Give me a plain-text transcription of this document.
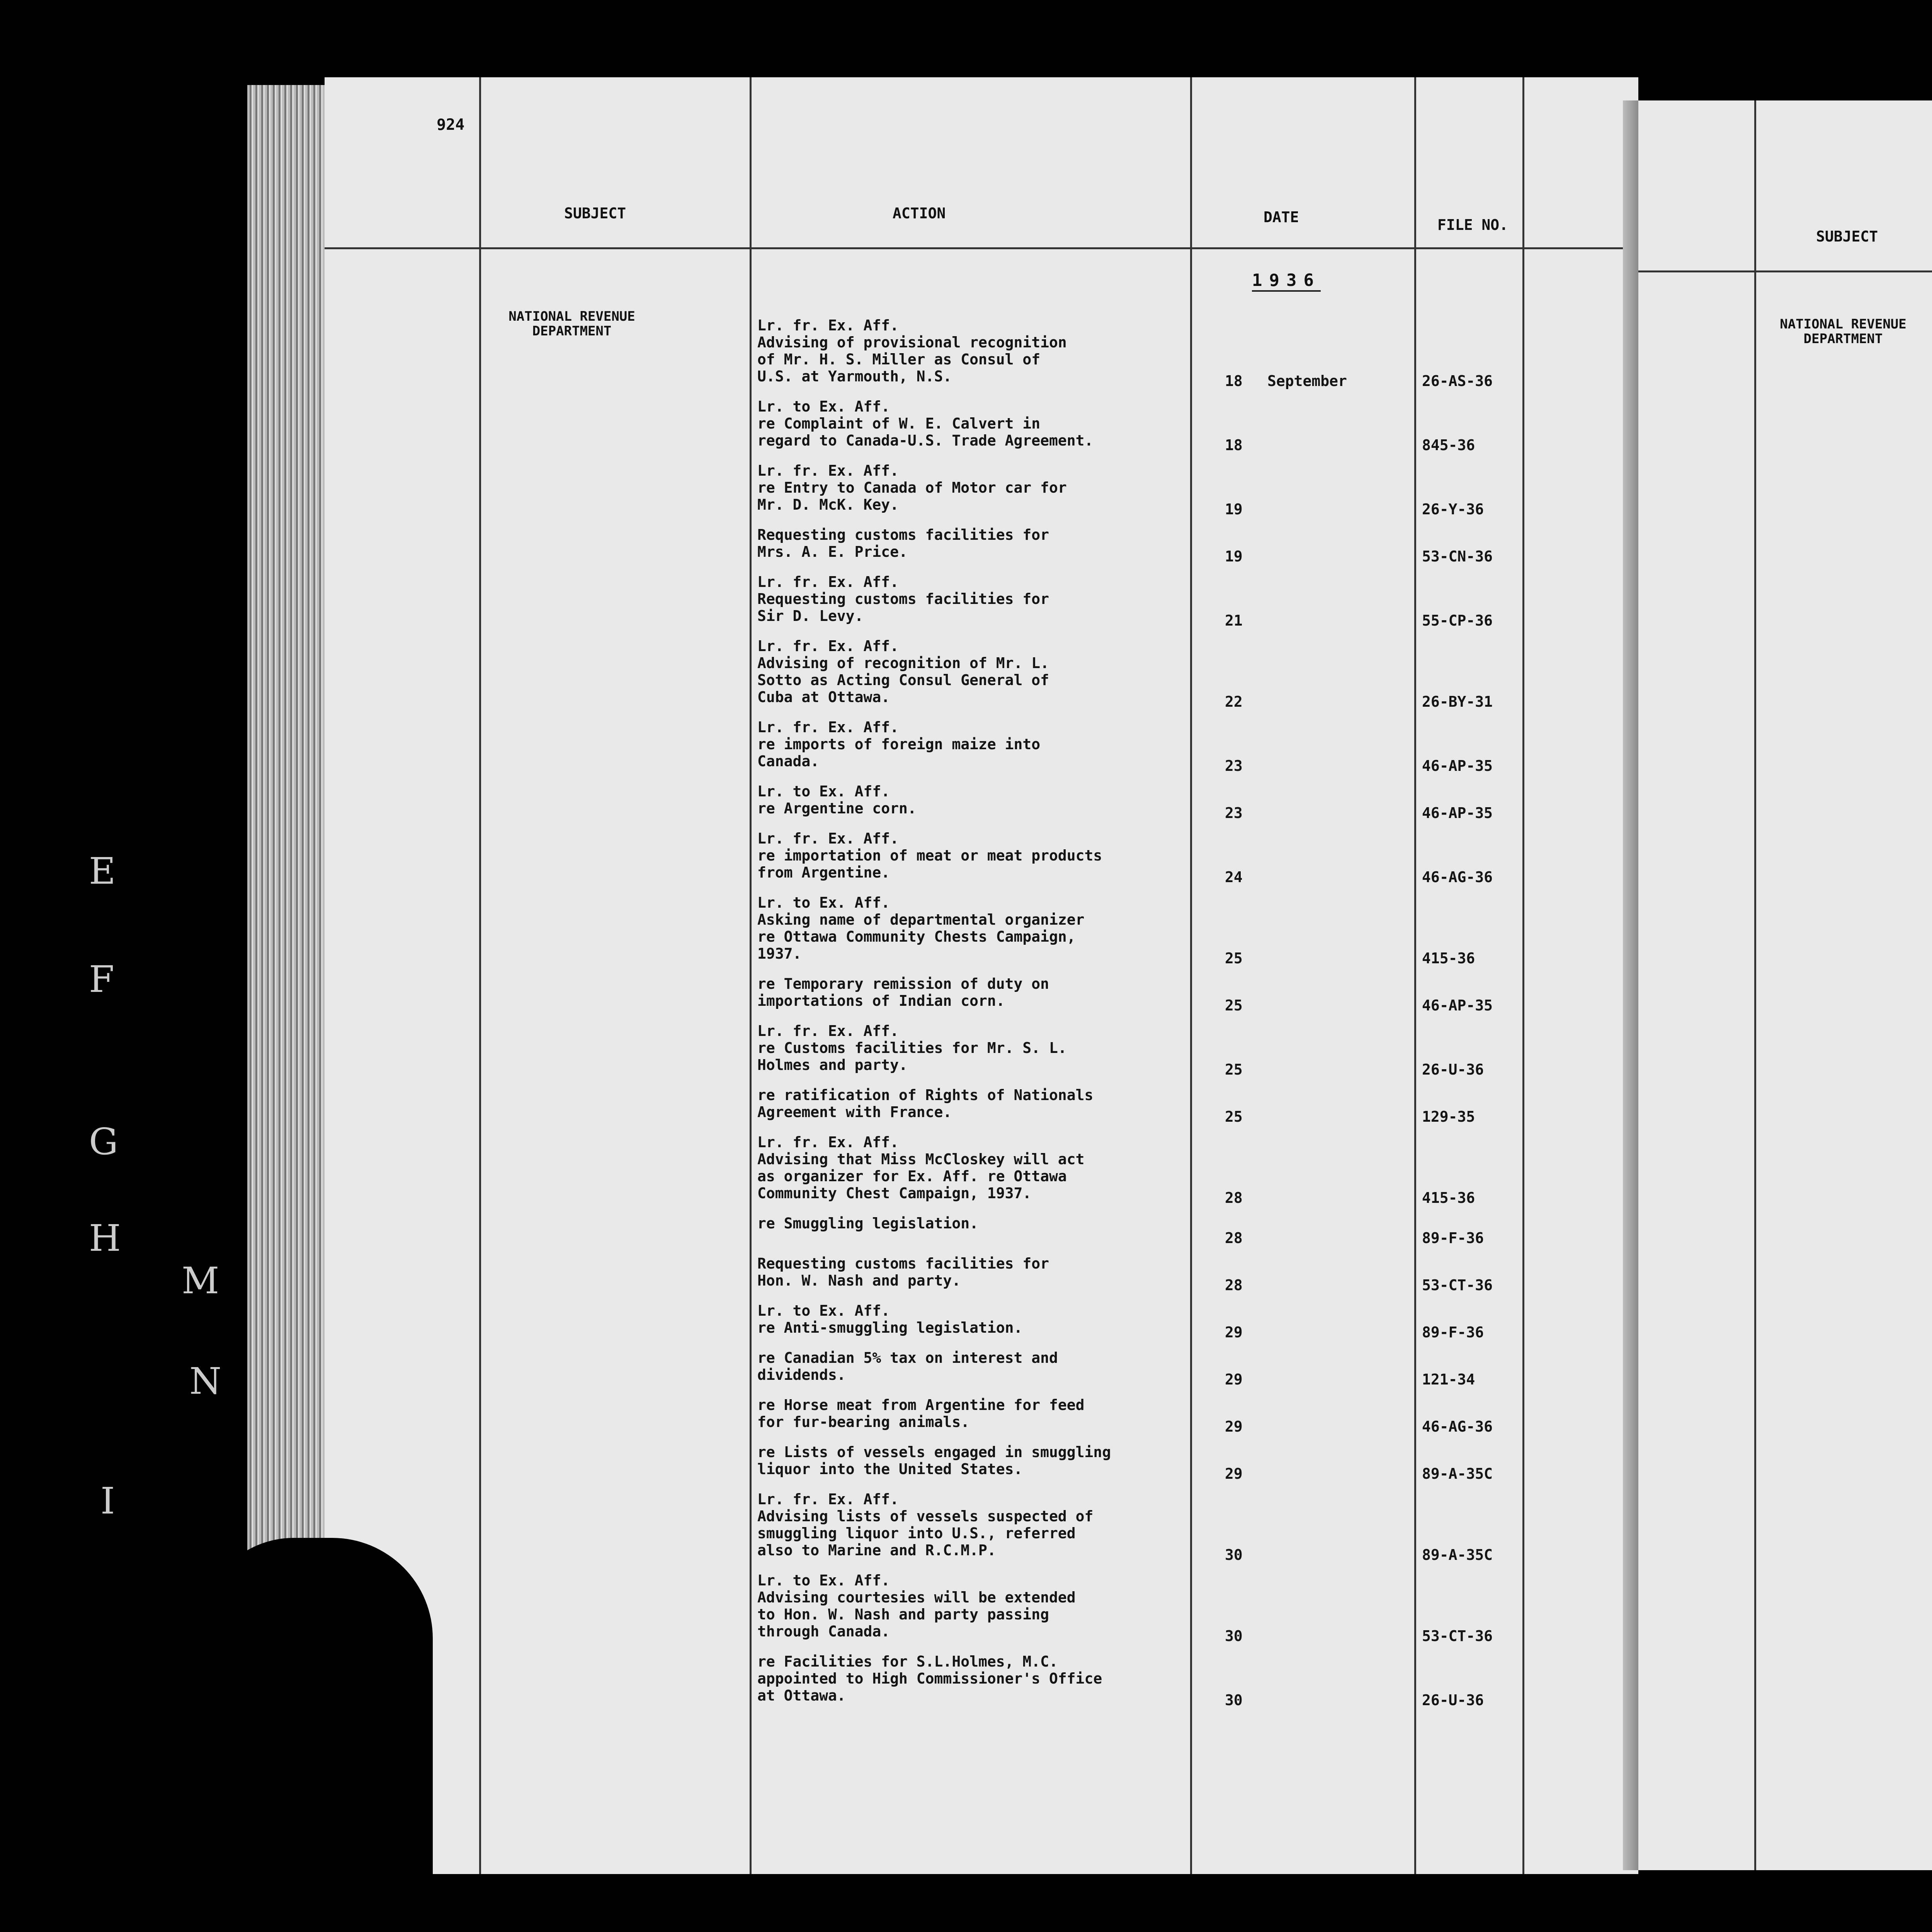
924
SUBJECT	ACTION	DATE	FILE NO.
1936
NATIONAL REVENUE
DEPARTMENT	Lr. fr. Ex. Aff.
Advising of provisional recognition
of Mr. H. S. Miller as Consul of
U.S. at Yarmouth, N.S.	18 September	26-AS-36
Lr. to Ex. Aff.
re Complaint of W. E. Calvert in
regard to Canada-U.S. Trade Agreement.	18	845-36
Lr. fr. Ex. Aff.
re Entry to Canada of Motor car for
Mr. D. McK. Key.	19	26-Y-36
Requesting customs facilities for
Mrs. A. E. Price.	19	53-CN-36
Lr. fr. Ex. Aff.
Requesting customs facilities for
Sir D. Levy.	21	55-CP-36
Lr. fr. Ex. Aff.
Advising of recognition of Mr. L.
Sotto as Acting Consul General of
Cuba at Ottawa.	22	26-BY-31
Lr. fr. Ex. Aff.
re imports of foreign maize into
Canada.	23	46-AP-35
Lr. to Ex. Aff.
re Argentine corn.	23	46-AP-35
Lr. fr. Ex. Aff.
re importation of meat or meat products
from Argentine.	24	46-AG-36
Lr. to Ex. Aff.
Asking name of departmental organizer
re Ottawa Community Chests Campaign,
1937.	25	415-36
re Temporary remission of duty on
importations of Indian corn.	25	46-AP-35
Lr. fr. Ex. Aff.
re Customs facilities for Mr. S. L.
Holmes and party.	25	26-U-36
re ratification of Rights of Nationals
Agreement with France.	25	129-35
Lr. fr. Ex. Aff.
Advising that Miss McCloskey will act
as organizer for Ex. Aff. re Ottawa
Community Chest Campaign, 1937.	28	415-36
re Smuggling legislation.
28	89-F-36
Requesting customs facilities for
Hon. W. Nash and party.	28	53-CT-36
Lr. to Ex. Aff.
re Anti-smuggling legislation.	29	89-F-36
re Canadian 5% tax on interest and
dividends.	29	121-34
re Horse meat from Argentine for feed
for fur-bearing animals.	29	46-AG-36
re Lists of vessels engaged in smuggling
liquor into the United States.	29	89-A-35C
Lr. fr. Ex. Aff.
Advising lists of vessels suspected of
smuggling liquor into U.S., referred
also to Marine and R.C.M.P.	30	89-A-35C
Lr. to Ex. Aff.
Advising courtesies will be extended
to Hon. W. Nash and party passing
through Canada.	30	53-CT-36
re Facilities for S.L.Holmes, M.C.
appointed to High Commissioner's Office
at Ottawa.	30	26-U-36
SUBJECT
NATIONAL REVENUE
DEPARTMENT
E
F
G
H
I
M
N
